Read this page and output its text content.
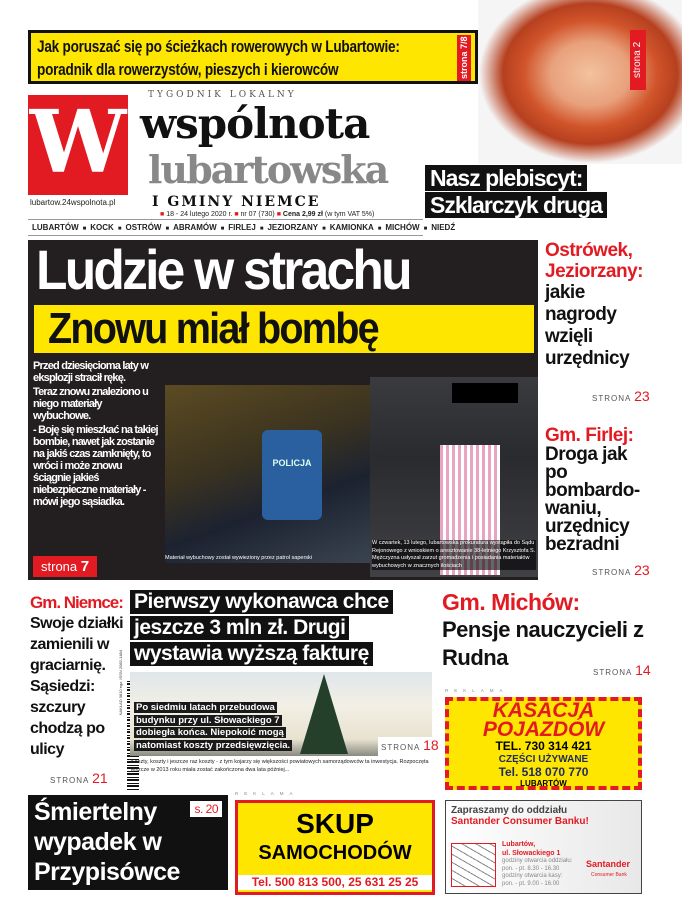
Jak poruszać się po ścieżkach rowerowych w Lubartowie:
poradnik dla rowerzystów, pieszych i kierowców	strona 7/8	strona 2
W TYGODNIK LOKALNY
wspólnota
lubartowska
I GMINY NIEMCE
lubartow.24wspolnota.pl
■ 18 - 24 lutego 2020 r. ■ nr 07 (730) ■ Cena 2,99 zł (w tym VAT 5%)
Nasz plebiscyt:
Szklarczyk druga
LUBARTÓW ■ KOCK ■ OSTRÓW ■ ABRAMÓW ■ FIRLEJ ■ JEZIORZANY ■ KAMIONKA ■ MICHÓW ■ NIEDŹ
Ludzie w strachu
Znowu miał bombę
POLICJA
Materiał wybuchowy został wywieziony przez patrol saperski
W czwartek, 13 lutego, lubartowska prokuratura wystąpiła do Sądu Rejonowego z wnioskiem o aresztowanie 38-letniego Krzysztofa S. Mężczyzna usłyszał zarzut gromadzenia i posiadania materiałów wybuchowych w znacznych ilościach

Przed dziesięcioma laty w eksplozji stracił rękę.

Teraz znowu znaleziono u niego materiały wybuchowe.

- Boję się mieszkać na takiej bombie, nawet jak zostanie na jakiś czas zamknięty, to wróci i może znowu ściągnie jakieś niebezpieczne materiały - mówi jego sąsiadka.

strona 7
Ostrówek, Jeziorzany:
jakie nagrody wzięli urzędnicy
STRONA 23
Gm. Firlej:
Droga jak po bombardo-waniu, urzędnicy bezradni
STRONA 23
Gm. Niemce:
Swoje działki zamienili w graciarnię. Sąsiedzi: szczury chodzą po ulicy
STRONA 21
NAKŁAD 3810 egz. ISSN 2082-1484
Pierwszy wykonawca chce jeszcze 3 mln zł. Drugi wystawia wyższą fakturę
Po siedmiu latach przebudowa
budynku przy ul. Słowackiego 7
dobiegła końca. Niepokoić mogą
natomiast koszty przedsięwzięcia.	STRONA 18
Koszty, koszty i jeszcze raz koszty - z tym kojarzy się większości powiatowych samorządowców ta inwestycja. Rozpoczęta jeszcze w 2013 roku miała zostać zakończona dwa lata później...
Gm. Michów:
Pensje nauczycieli z Rudna
STRONA 14
REKLAMA
KASACJA
POJAZDÓW
TEL. 730 314 421
CZĘŚCI UŻYWANE
Tel. 518 070 770
LUBARTÓW
Śmiertelny wypadek w Przypisówce
s. 20
REKLAMA
SKUP
SAMOCHODÓW
Tel. 500 813 500, 25 631 25 25
Zapraszamy do oddziału
Santander Consumer Banku!
Lubartów,
ul. Słowackiego 1
godziny otwarcia oddziału:
pon. - pt. 8.30 - 16.30
godziny otwarcia kasy:
pon. - pt. 9.00 - 16.00
Santander
Consumer Bank
